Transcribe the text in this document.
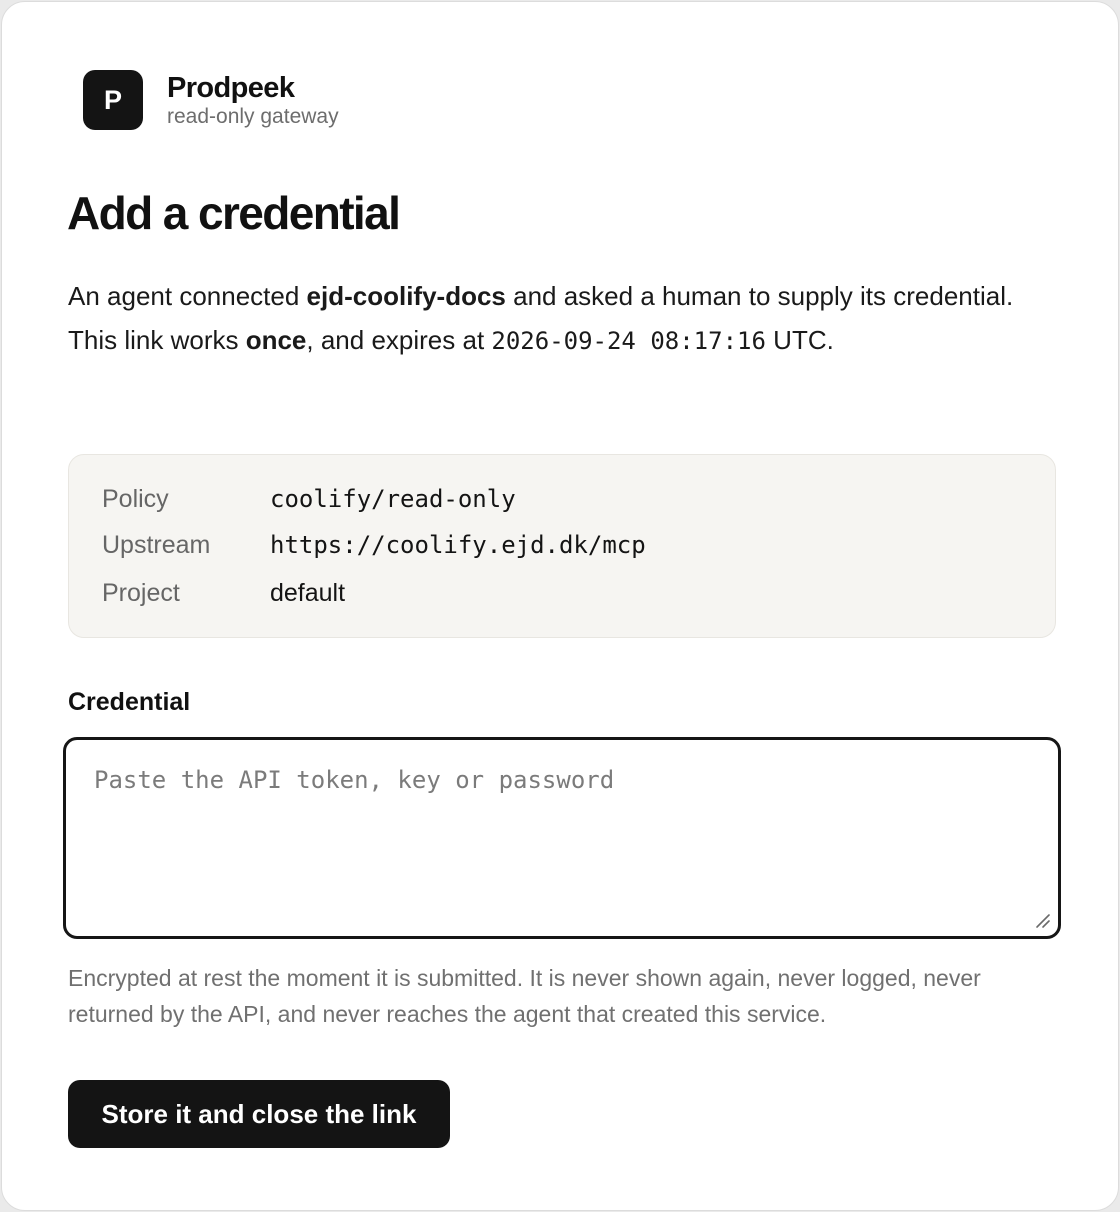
P	Prodpeek
read-only gateway
Add a credential

An agent connected ejd-coolify-docs and asked a human to supply its credential. This link works once, and expires at 2026-09-24 08:17:16 UTC.

Policy	coolify/read-only
Upstream	https://coolify.ejd.dk/mcp
Project	default
Credential
Paste the API token, key or password

Encrypted at rest the moment it is submitted. It is never shown again, never logged, never returned by the API, and never reaches the agent that created this service.

Store it and close the link
